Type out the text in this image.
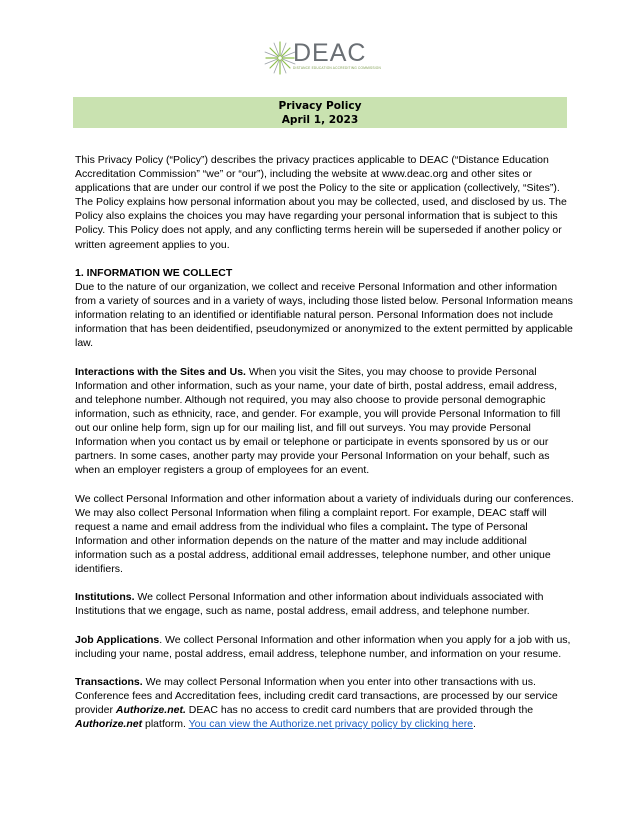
DEAC
DISTANCE EDUCATION ACCREDITING COMMISSION
Privacy Policy
April 1, 2023

This Privacy Policy (“Policy”) describes the privacy practices applicable to DEAC (“Distance Education Accreditation Commission” “we” or “our”), including the website at www.deac.org and other sites or applications that are under our control if we post the Policy to the site or application (collectively, “Sites”). The Policy explains how personal information about you may be collected, used, and disclosed by us. The Policy also explains the choices you may have regarding your personal information that is subject to this Policy. This Policy does not apply, and any conflicting terms herein will be superseded if another policy or written agreement applies to you.

1. INFORMATION WE COLLECT

Due to the nature of our organization, we collect and receive Personal Information and other information from a variety of sources and in a variety of ways, including those listed below. Personal Information means information relating to an identified or identifiable natural person. Personal Information does not include information that has been deidentified, pseudonymized or anonymized to the extent permitted by applicable law.

Interactions with the Sites and Us. When you visit the Sites, you may choose to provide Personal Information and other information, such as your name, your date of birth, postal address, email address, and telephone number. Although not required, you may also choose to provide personal demographic information, such as ethnicity, race, and gender. For example, you will provide Personal Information to fill out our online help form, sign up for our mailing list, and fill out surveys. You may provide Personal Information when you contact us by email or telephone or participate in events sponsored by us or our partners. In some cases, another party may provide your Personal Information on your behalf, such as when an employer registers a group of employees for an event.

We collect Personal Information and other information about a variety of individuals during our conferences. We may also collect Personal Information when filing a complaint report. For example, DEAC staff will request a name and email address from the individual who files a complaint. The type of Personal Information and other information depends on the nature of the matter and may include additional information such as a postal address, additional email addresses, telephone number, and other unique identifiers.

Institutions. We collect Personal Information and other information about individuals associated with Institutions that we engage, such as name, postal address, email address, and telephone number.

Job Applications. We collect Personal Information and other information when you apply for a job with us, including your name, postal address, email address, telephone number, and information on your resume.

Transactions. We may collect Personal Information when you enter into other transactions with us. Conference fees and Accreditation fees, including credit card transactions, are processed by our service provider Authorize.net. DEAC has no access to credit card numbers that are provided through the Authorize.net platform. You can view the Authorize.net privacy policy by clicking here.
